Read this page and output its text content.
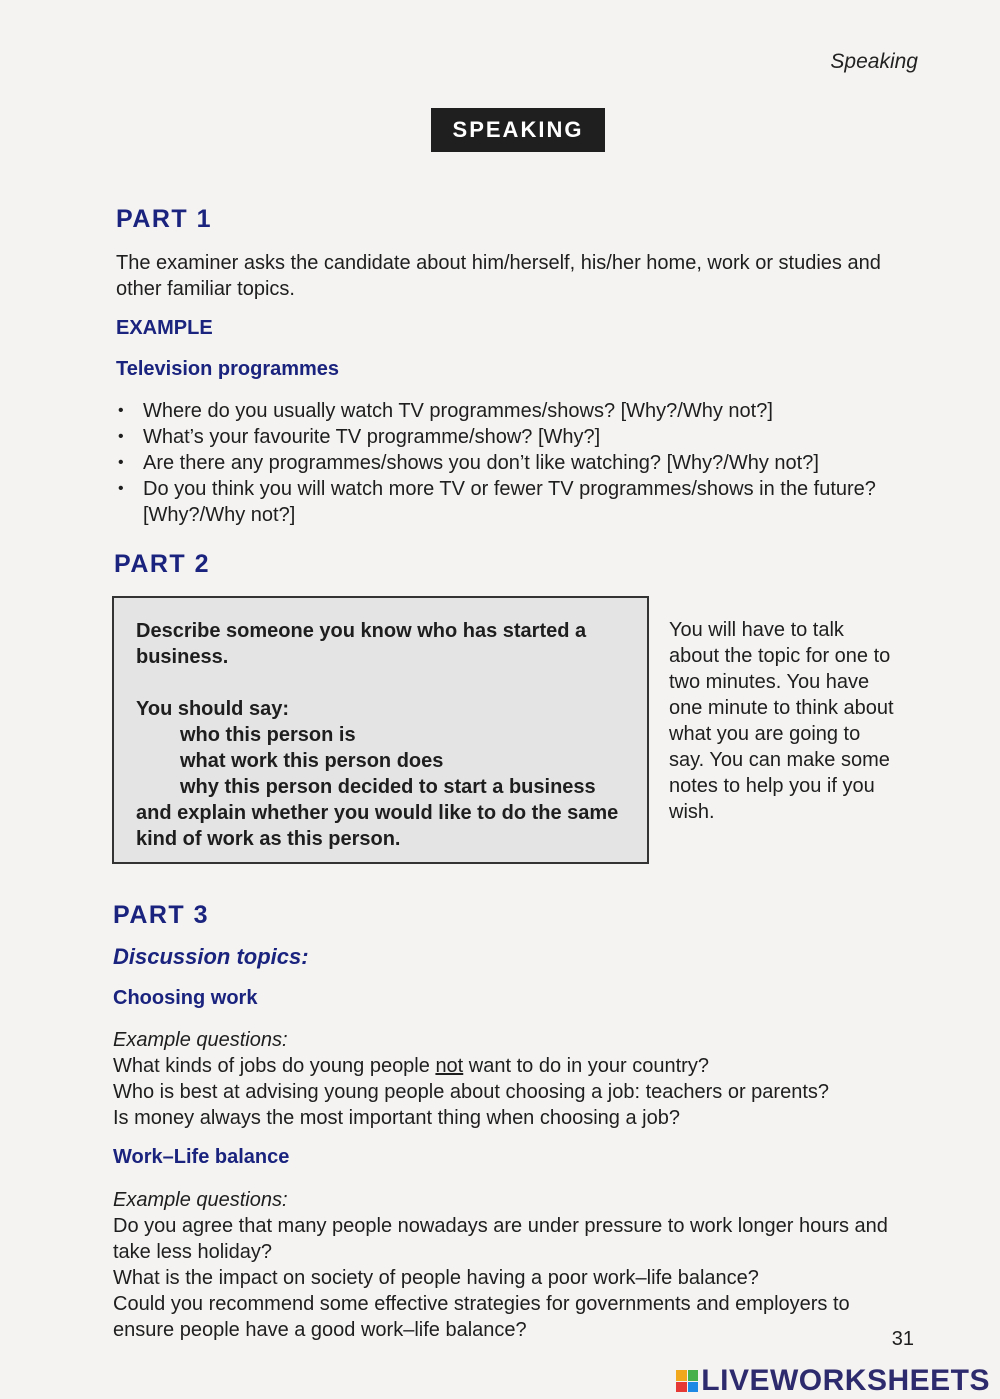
Speaking
SPEAKING
PART 1
The examiner asks the candidate about him/herself, his/her home, work or studies and other familiar topics.
EXAMPLE
Television programmes
• Where do you usually watch TV programmes/shows? [Why?/Why not?]
• What’s your favourite TV programme/show? [Why?]
• Are there any programmes/shows you don’t like watching? [Why?/Why not?]
• Do you think you will watch more TV or fewer TV programmes/shows in the future? [Why?/Why not?]
PART 2
Describe someone you know who has started a business.
You should say:
who this person is
what work this person does
why this person decided to start a business
and explain whether you would like to do the same kind of work as this person.
You will have to talk about the topic for one to two minutes. You have one minute to think about what you are going to say. You can make some notes to help you if you wish.
PART 3
Discussion topics:
Choosing work
Example questions:
What kinds of jobs do young people not want to do in your country?
Who is best at advising young people about choosing a job: teachers or parents?
Is money always the most important thing when choosing a job?
Work–Life balance
Example questions:
Do you agree that many people nowadays are under pressure to work longer hours and take less holiday?
What is the impact on society of people having a poor work–life balance?
Could you recommend some effective strategies for governments and employers to ensure people have a good work–life balance?	31
LIVEWORKSHEETS
